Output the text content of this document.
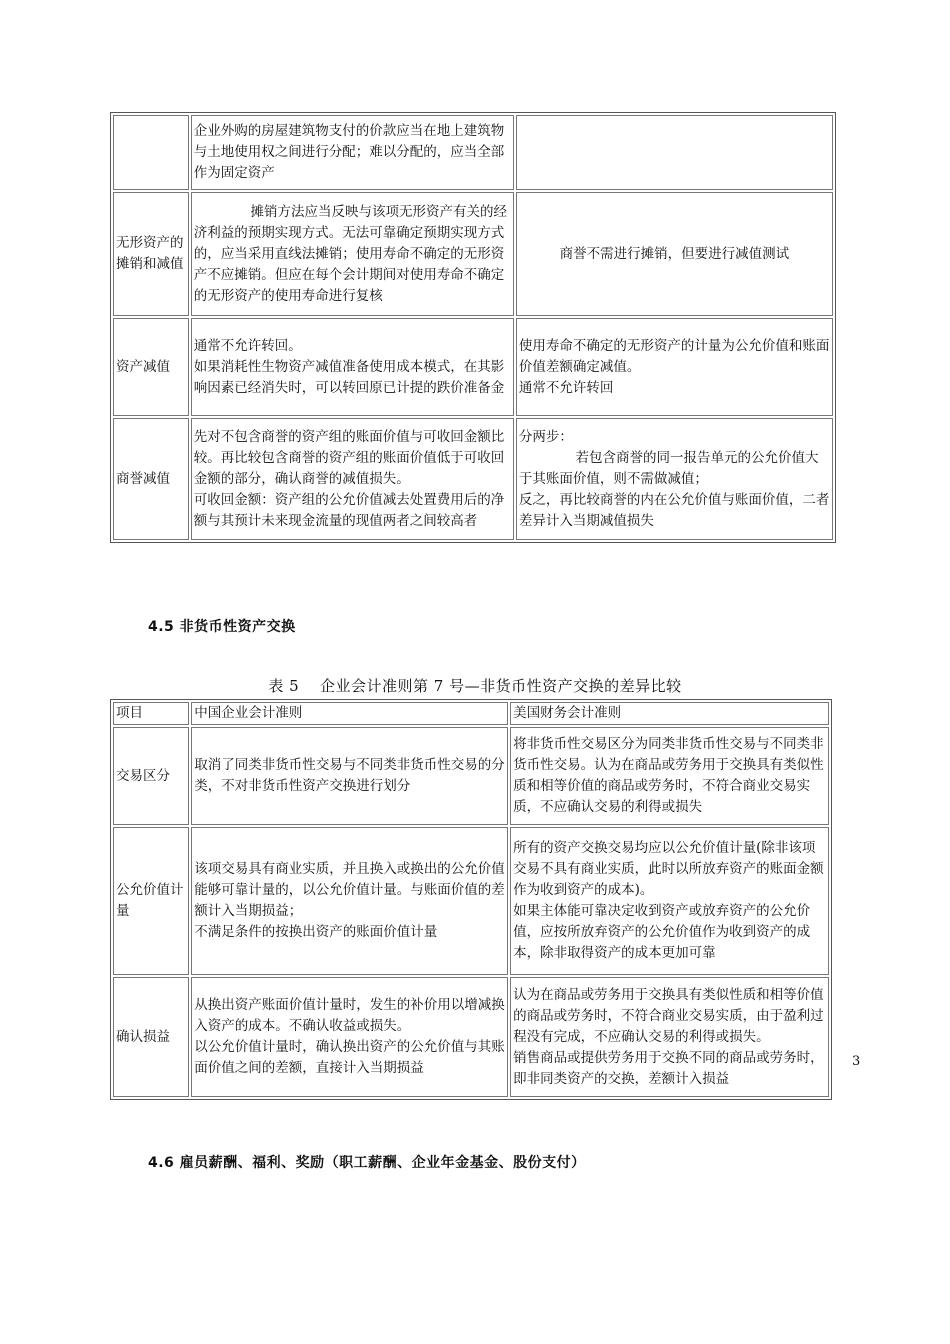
	企业外购的房屋建筑物支付的价款应当在地上建筑物与土地使用权之间进行分配；难以分配的，应当全部作为固定资产	

无形资产的摊销和减值	摊销方法应当反映与该项无形资产有关的经济利益的预期实现方式。无法可靠确定预期实现方式的，应当采用直线法摊销；使用寿命不确定的无形资产不应摊销。但应在每个会计期间对使用寿命不确定的无形资产的使用寿命进行复核	商誉不需进行摊销，但要进行减值测试

资产减值	通常不允许转回。
如果消耗性生物资产减值准备使用成本模式，在其影响因素已经消失时，可以转回原已计提的跌价准备金	使用寿命不确定的无形资产的计量为公允价值和账面价值差额确定减值。
通常不允许转回

商誉减值	先对不包含商誉的资产组的账面价值与可收回金额比较。再比较包含商誉的资产组的账面价值低于可收回金额的部分，确认商誉的减值损失。
可收回金额：资产组的公允价值减去处置费用后的净额与其预计未来现金流量的现值两者之间较高者	分两步：
若包含商誉的同一报告单元的公允价值大于其账面价值，则不需做减值；
反之，再比较商誉的内在公允价值与账面价值，二者差异计入当期减值损失
4.5 非货币性资产交换
表 5　 企业会计准则第 7 号—非货币性资产交换的差异比较
项目	中国企业会计准则	美国财务会计准则

交易区分	取消了同类非货币性交易与不同类非货币性交易的分类，不对非货币性资产交换进行划分	将非货币性交易区分为同类非货币性交易与不同类非货币性交易。认为在商品或劳务用于交换具有类似性质和相等价值的商品或劳务时，不符合商业交易实质，不应确认交易的利得或损失

公允价值计量	该项交易具有商业实质，并且换入或换出的公允价值能够可靠计量的，以公允价值计量。与账面价值的差额计入当期损益；
不满足条件的按换出资产的账面价值计量	所有的资产交换交易均应以公允价值计量(除非该项交易不具有商业实质，此时以所放弃资产的账面金额作为收到资产的成本)。
如果主体能可靠决定收到资产或放弃资产的公允价值，应按所放弃资产的公允价值作为收到资产的成本，除非取得资产的成本更加可靠

确认损益	从换出资产账面价值计量时，发生的补价用以增减换入资产的成本。不确认收益或损失。
以公允价值计量时，确认换出资产的公允价值与其账面价值之间的差额，直接计入当期损益	认为在商品或劳务用于交换具有类似性质和相等价值的商品或劳务时，不符合商业交易实质，由于盈利过程没有完成，不应确认交易的利得或损失。
销售商品或提供劳务用于交换不同的商品或劳务时，即非同类资产的交换，差额计入损益
4.6 雇员薪酬、福利、奖励（职工薪酬、企业年金基金、股份支付）
3
